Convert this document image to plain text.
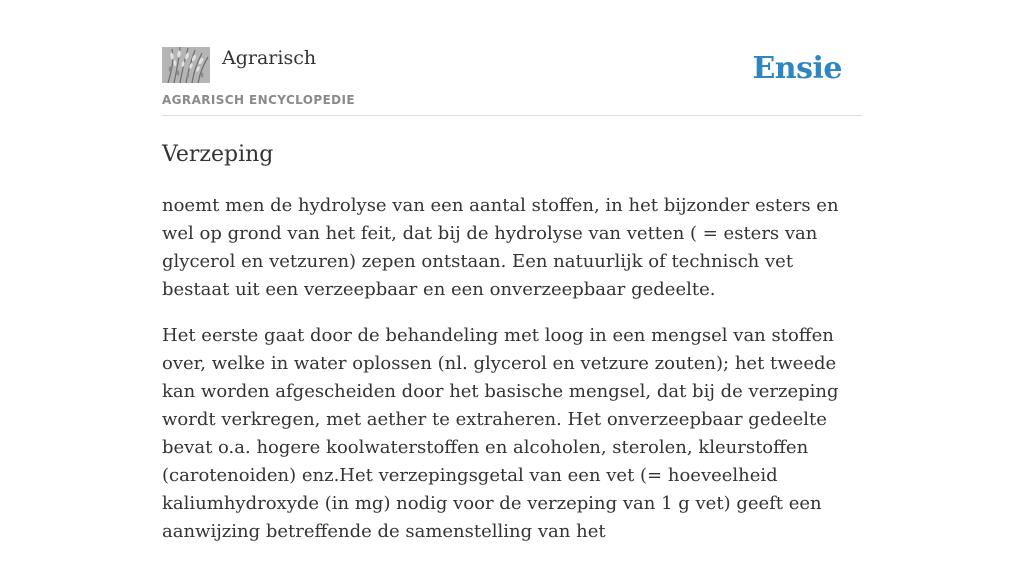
Agrarisch
AGRARISCH ENCYCLOPEDIE
Ensie
Verzeping

noemt men de hydrolyse van een aantal stoffen, in het bijzonder esters en wel op grond van het feit, dat bij de hydrolyse van vetten ( = esters van glycerol en vetzuren) zepen ontstaan. Een natuurlijk of technisch vet bestaat uit een verzeepbaar en een onverzeepbaar gedeelte.

Het eerste gaat door de behandeling met loog in een mengsel van stoffen over, welke in water oplossen (nl. glycerol en vetzure zouten); het tweede kan worden afgescheiden door het basische mengsel, dat bij de verzeping wordt verkregen, met aether te extraheren. Het onverzeepbaar gedeelte bevat o.a. hogere koolwaterstoffen en alcoholen, sterolen, kleurstoffen (carotenoiden) enz.Het verzepingsgetal van een vet (= hoeveelheid kaliumhydroxyde (in mg) nodig voor de verzeping van 1 g vet) geeft een aanwijzing betreffende de samenstelling van het
